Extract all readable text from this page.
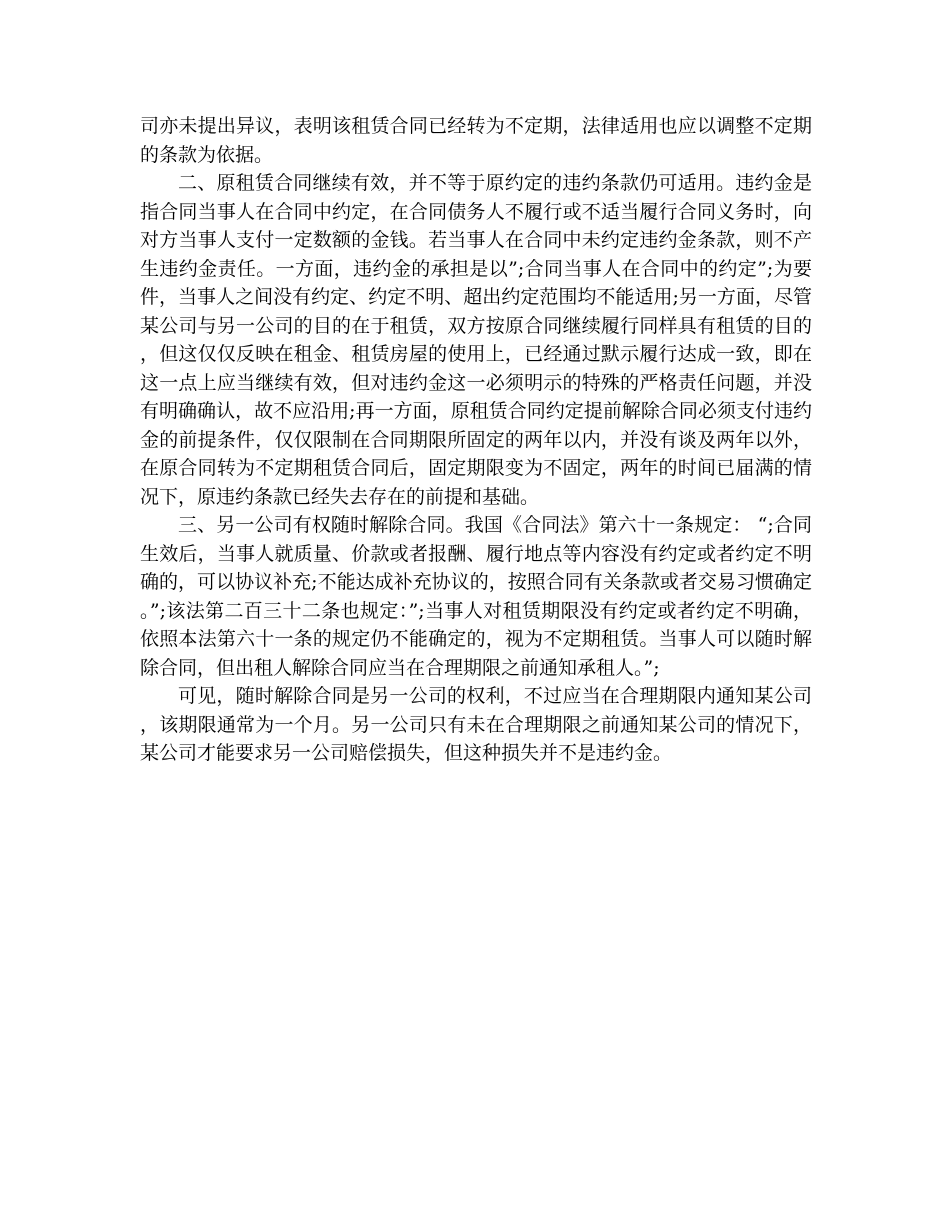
司亦未提出异议，表明该租赁合同已经转为不定期，法律适用也应以调整不定期的条款为依据。

二、原租赁合同继续有效，并不等于原约定的违约条款仍可适用。违约金是指合同当事人在合同中约定，在合同债务人不履行或不适当履行合同义务时，向对方当事人支付一定数额的金钱。若当事人在合同中未约定违约金条款，则不产生违约金责任。一方面，违约金的承担是以”;合同当事人在合同中的约定”;为要件，当事人之间没有约定、约定不明、超出约定范围均不能适用;另一方面，尽管某公司与另一公司的目的在于租赁，双方按原合同继续履行同样具有租赁的目的，但这仅仅反映在租金、租赁房屋的使用上，已经通过默示履行达成一致，即在这一点上应当继续有效，但对违约金这一必须明示的特殊的严格责任问题，并没有明确确认，故不应沿用;再一方面，原租赁合同约定提前解除合同必须支付违约金的前提条件，仅仅限制在合同期限所固定的两年以内，并没有谈及两年以外，在原合同转为不定期租赁合同后，固定期限变为不固定，两年的时间已届满的情况下，原违约条款已经失去存在的前提和基础。

三、另一公司有权随时解除合同。我国《合同法》第六十一条规定： “;合同生效后，当事人就质量、价款或者报酬、履行地点等内容没有约定或者约定不明确的，可以协议补充;不能达成补充协议的，按照合同有关条款或者交易习惯确定。”;该法第二百三十二条也规定：”;当事人对租赁期限没有约定或者约定不明确，依照本法第六十一条的规定仍不能确定的，视为不定期租赁。当事人可以随时解除合同，但出租人解除合同应当在合理期限之前通知承租人。”;

可见，随时解除合同是另一公司的权利，不过应当在合理期限内通知某公司，该期限通常为一个月。另一公司只有未在合理期限之前通知某公司的情况下，某公司才能要求另一公司赔偿损失，但这种损失并不是违约金。
